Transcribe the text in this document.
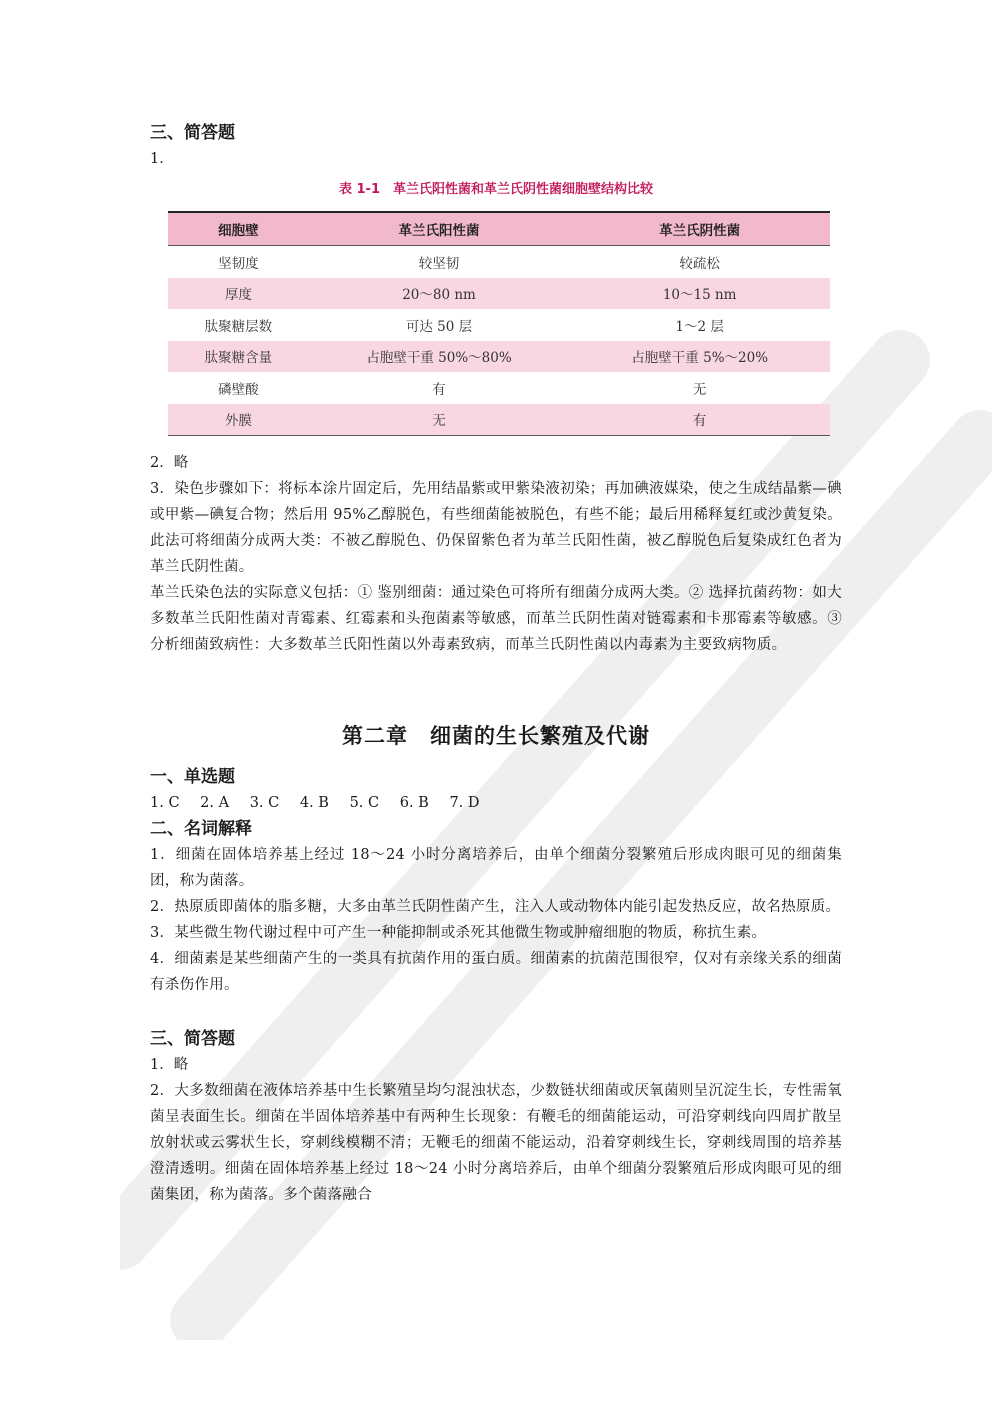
三、简答题

1．

表 1-1　革兰氏阳性菌和革兰氏阴性菌细胞壁结构比较
细胞壁	革兰氏阳性菌	革兰氏阴性菌
坚韧度	较坚韧	较疏松
厚度	20～80 nm	10～15 nm
肽聚糖层数	可达 50 层	1～2 层
肽聚糖含量	占胞壁干重 50%～80%	占胞壁干重 5%～20%
磷壁酸	有	无
外膜	无	有

2．略

3．染色步骤如下：将标本涂片固定后，先用结晶紫或甲紫染液初染；再加碘液媒染，使之生成结晶紫—碘或甲紫—碘复合物；然后用 95%乙醇脱色，有些细菌能被脱色，有些不能；最后用稀释复红或沙黄复染。此法可将细菌分成两大类：不被乙醇脱色、仍保留紫色者为革兰氏阳性菌，被乙醇脱色后复染成红色者为革兰氏阴性菌。

革兰氏染色法的实际意义包括：① 鉴别细菌：通过染色可将所有细菌分成两大类。② 选择抗菌药物：如大多数革兰氏阳性菌对青霉素、红霉素和头孢菌素等敏感，而革兰氏阴性菌对链霉素和卡那霉素等敏感。③ 分析细菌致病性：大多数革兰氏阳性菌以外毒素致病，而革兰氏阴性菌以内毒素为主要致病物质。

第二章　细菌的生长繁殖及代谢

一、单选题

1. C 2. A 3. C 4. B 5. C 6. B 7. D

二、名词解释

1．细菌在固体培养基上经过 18～24 小时分离培养后，由单个细菌分裂繁殖后形成肉眼可见的细菌集团，称为菌落。

2．热原质即菌体的脂多糖，大多由革兰氏阴性菌产生，注入人或动物体内能引起发热反应，故名热原质。

3．某些微生物代谢过程中可产生一种能抑制或杀死其他微生物或肿瘤细胞的物质，称抗生素。

4．细菌素是某些细菌产生的一类具有抗菌作用的蛋白质。细菌素的抗菌范围很窄，仅对有亲缘关系的细菌有杀伤作用。

三、简答题

1．略

2．大多数细菌在液体培养基中生长繁殖呈均匀混浊状态，少数链状细菌或厌氧菌则呈沉淀生长，专性需氧菌呈表面生长。细菌在半固体培养基中有两种生长现象：有鞭毛的细菌能运动，可沿穿刺线向四周扩散呈放射状或云雾状生长，穿刺线模糊不清；无鞭毛的细菌不能运动，沿着穿刺线生长，穿刺线周围的培养基澄清透明。细菌在固体培养基上经过 18～24 小时分离培养后，由单个细菌分裂繁殖后形成肉眼可见的细菌集团，称为菌落。多个菌落融合
